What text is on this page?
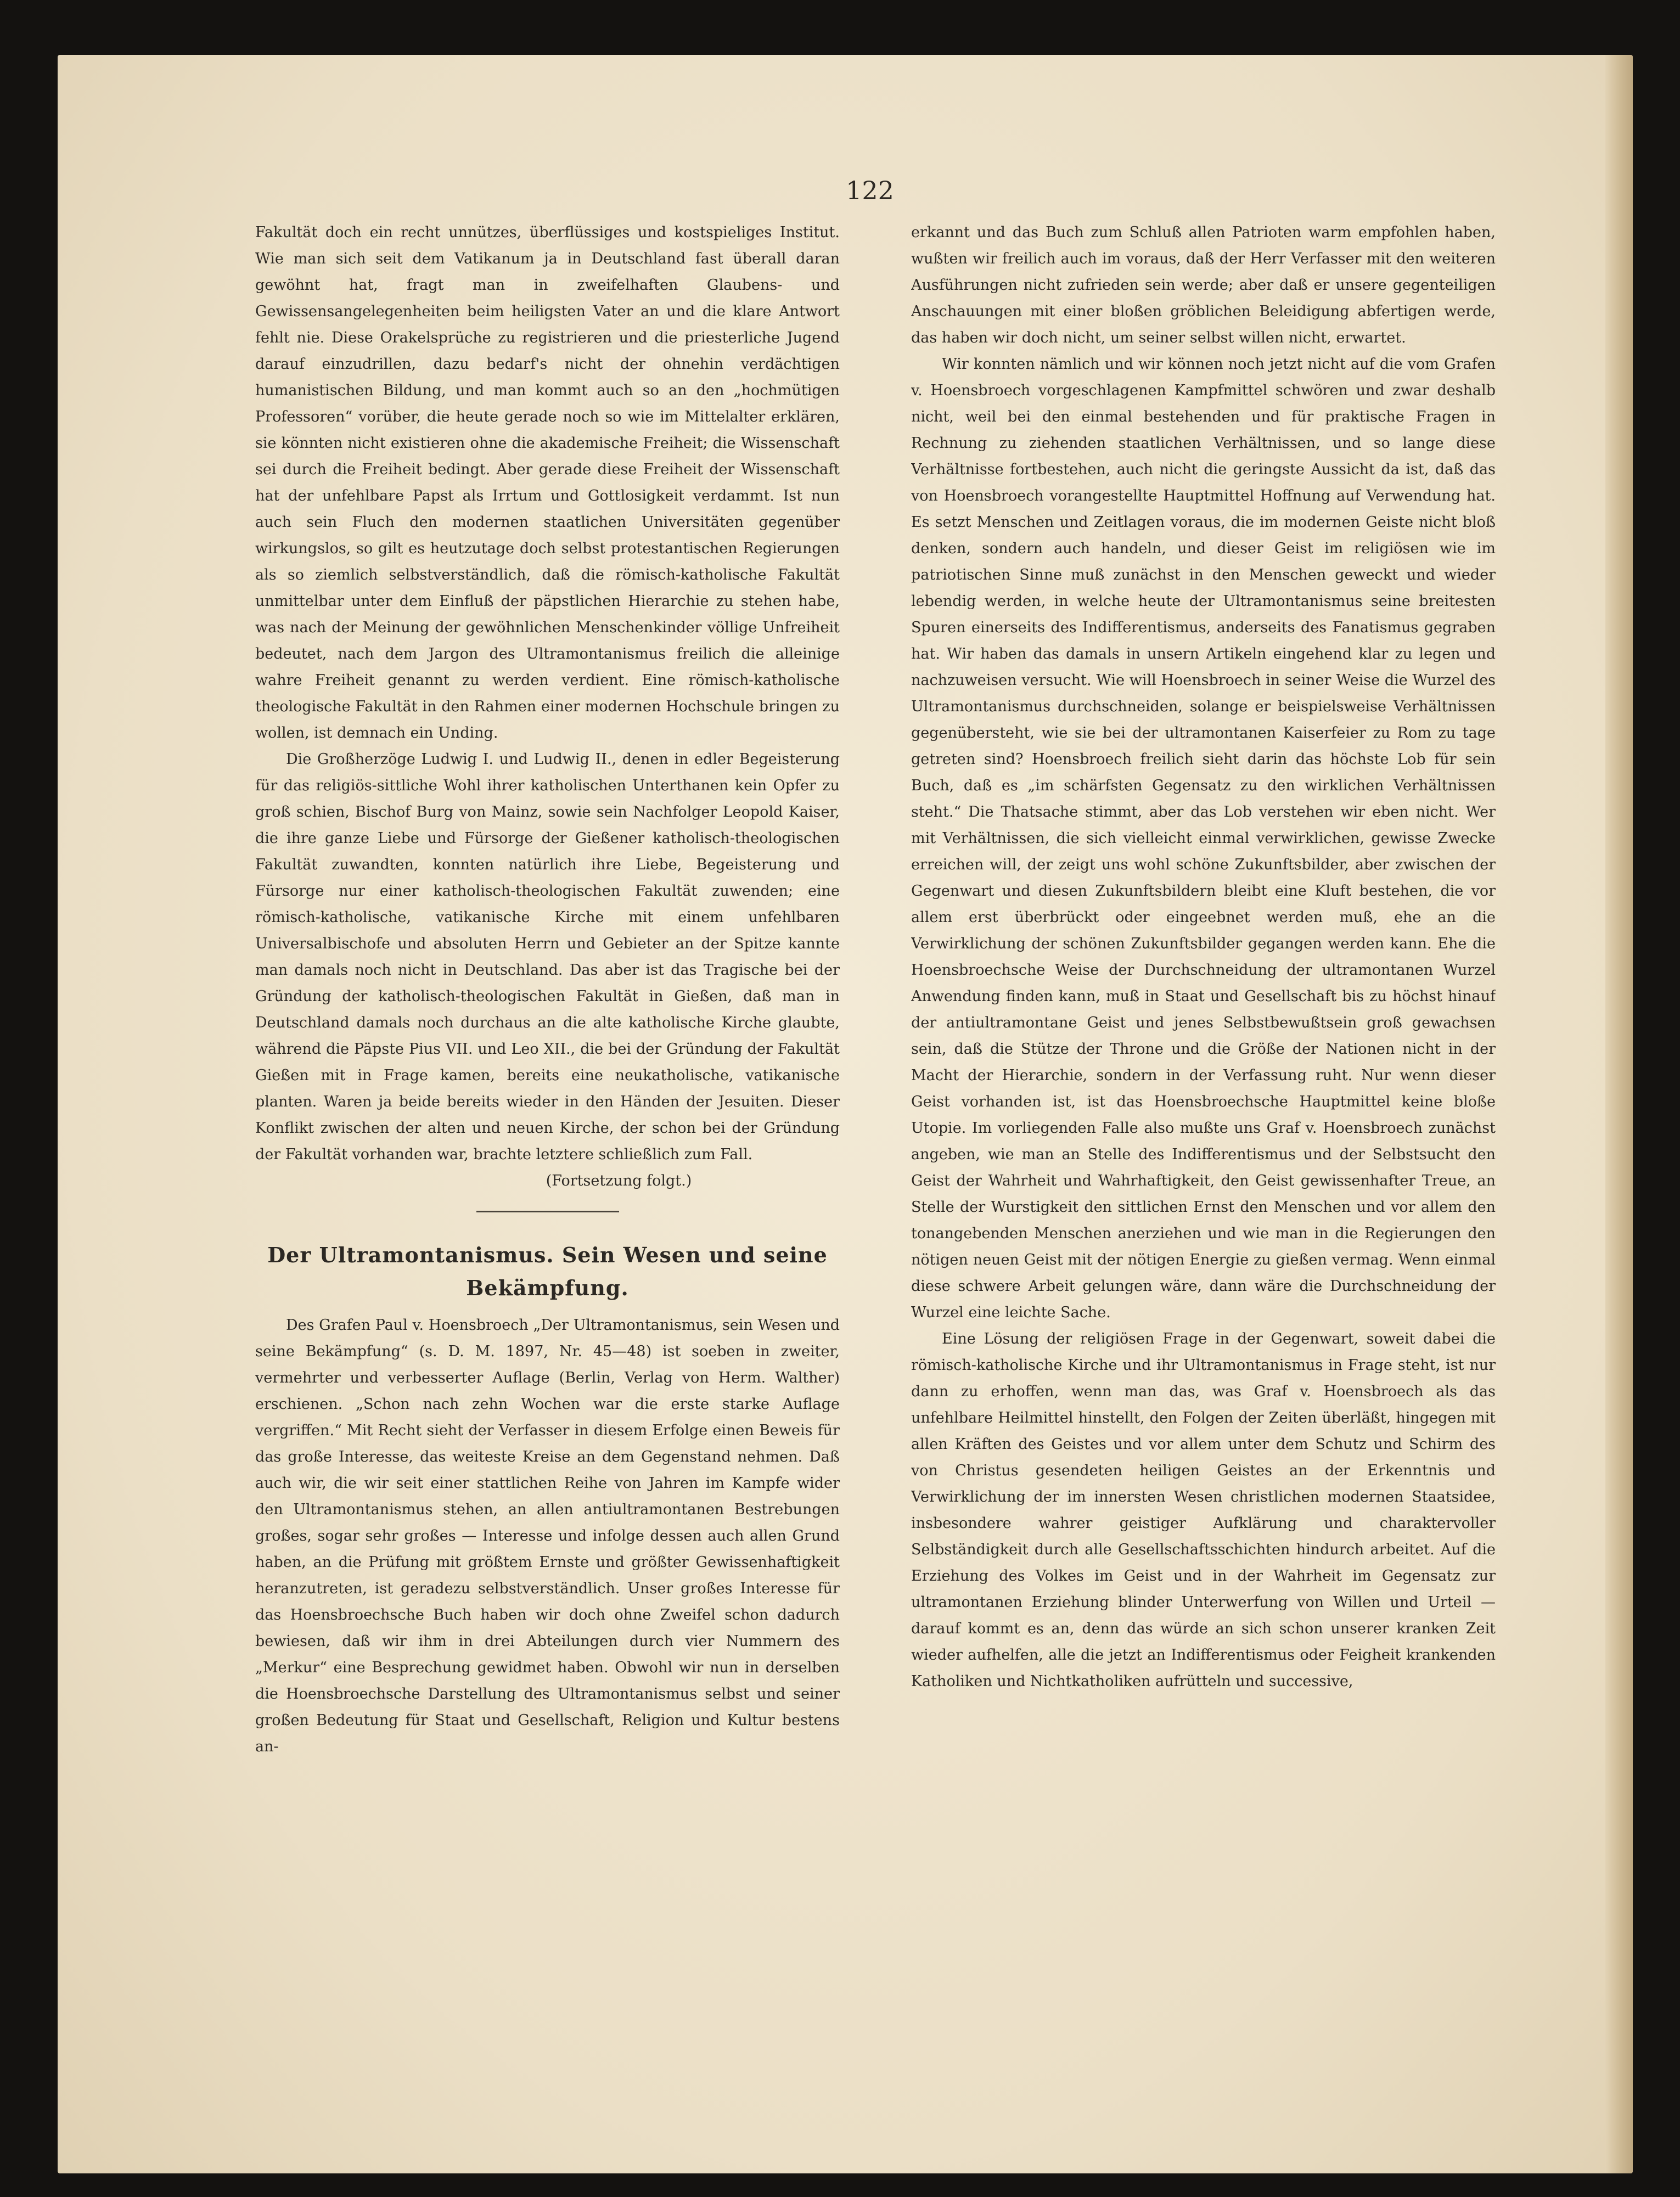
122

Fakultät doch ein recht unnützes, überflüssiges und kostspieliges Institut. Wie man sich seit dem Vatikanum ja in Deutschland fast überall daran gewöhnt hat, fragt man in zweifelhaften Glaubens- und Gewissensangelegenheiten beim heiligsten Vater an und die klare Antwort fehlt nie. Diese Orakelsprüche zu registrieren und die priesterliche Jugend darauf einzudrillen, dazu bedarf's nicht der ohnehin verdächtigen humanistischen Bildung, und man kommt auch so an den „hochmütigen Professoren“ vorüber, die heute gerade noch so wie im Mittelalter erklären, sie könnten nicht existieren ohne die akademische Freiheit; die Wissenschaft sei durch die Freiheit bedingt. Aber gerade diese Freiheit der Wissenschaft hat der unfehlbare Papst als Irrtum und Gottlosigkeit verdammt. Ist nun auch sein Fluch den modernen staatlichen Universitäten gegenüber wirkungslos, so gilt es heutzutage doch selbst protestantischen Regierungen als so ziemlich selbstverständlich, daß die römisch-katholische Fakultät unmittelbar unter dem Einfluß der päpstlichen Hierarchie zu stehen habe, was nach der Meinung der gewöhnlichen Menschenkinder völlige Unfreiheit bedeutet, nach dem Jargon des Ultramontanismus freilich die alleinige wahre Freiheit genannt zu werden verdient. Eine römisch-katholische theologische Fakultät in den Rahmen einer modernen Hochschule bringen zu wollen, ist demnach ein Unding.

Die Großherzöge Ludwig I. und Ludwig II., denen in edler Begeisterung für das religiös-sittliche Wohl ihrer katholischen Unterthanen kein Opfer zu groß schien, Bischof Burg von Mainz, sowie sein Nachfolger Leopold Kaiser, die ihre ganze Liebe und Fürsorge der Gießener katholisch-theologischen Fakultät zuwandten, konnten natürlich ihre Liebe, Begeisterung und Fürsorge nur einer katholisch-theologischen Fakultät zuwenden; eine römisch-katholische, vatikanische Kirche mit einem unfehlbaren Universalbischofe und absoluten Herrn und Gebieter an der Spitze kannte man damals noch nicht in Deutschland. Das aber ist das Tragische bei der Gründung der katholisch-theologischen Fakultät in Gießen, daß man in Deutschland damals noch durchaus an die alte katholische Kirche glaubte, während die Päpste Pius VII. und Leo XII., die bei der Gründung der Fakultät Gießen mit in Frage kamen, bereits eine neukatholische, vatikanische planten. Waren ja beide bereits wieder in den Händen der Jesuiten. Dieser Konflikt zwischen der alten und neuen Kirche, der schon bei der Gründung der Fakultät vorhanden war, brachte letztere schließlich zum Fall.

(Fortsetzung folgt.)

Der Ultramontanismus. Sein Wesen und seine Bekämpfung.

Des Grafen Paul v. Hoensbroech „Der Ultramontanismus, sein Wesen und seine Bekämpfung“ (s. D. M. 1897, Nr. 45—48) ist soeben in zweiter, vermehrter und verbesserter Auflage (Berlin, Verlag von Herm. Walther) erschienen. „Schon nach zehn Wochen war die erste starke Auflage vergriffen.“ Mit Recht sieht der Verfasser in diesem Erfolge einen Beweis für das große Interesse, das weiteste Kreise an dem Gegenstand nehmen. Daß auch wir, die wir seit einer stattlichen Reihe von Jahren im Kampfe wider den Ultramontanismus stehen, an allen antiultramontanen Bestrebungen großes, sogar sehr großes — Interesse und infolge dessen auch allen Grund haben, an die Prüfung mit größtem Ernste und größter Gewissenhaftigkeit heranzutreten, ist geradezu selbstverständlich. Unser großes Interesse für das Hoensbroechsche Buch haben wir doch ohne Zweifel schon dadurch bewiesen, daß wir ihm in drei Abteilungen durch vier Nummern des „Merkur“ eine Besprechung gewidmet haben. Obwohl wir nun in derselben die Hoensbroechsche Darstellung des Ultramontanismus selbst und seiner großen Bedeutung für Staat und Gesellschaft, Religion und Kultur bestens an-

erkannt und das Buch zum Schluß allen Patrioten warm empfohlen haben, wußten wir freilich auch im voraus, daß der Herr Verfasser mit den weiteren Ausführungen nicht zufrieden sein werde; aber daß er unsere gegenteiligen Anschauungen mit einer bloßen gröblichen Beleidigung abfertigen werde, das haben wir doch nicht, um seiner selbst willen nicht, erwartet.

Wir konnten nämlich und wir können noch jetzt nicht auf die vom Grafen v. Hoensbroech vorgeschlagenen Kampfmittel schwören und zwar deshalb nicht, weil bei den einmal bestehenden und für praktische Fragen in Rechnung zu ziehenden staatlichen Verhältnissen, und so lange diese Verhältnisse fortbestehen, auch nicht die geringste Aussicht da ist, daß das von Hoensbroech vorangestellte Hauptmittel Hoffnung auf Verwendung hat. Es setzt Menschen und Zeitlagen voraus, die im modernen Geiste nicht bloß denken, sondern auch handeln, und dieser Geist im religiösen wie im patriotischen Sinne muß zunächst in den Menschen geweckt und wieder lebendig werden, in welche heute der Ultramontanismus seine breitesten Spuren einerseits des Indifferentismus, anderseits des Fanatismus gegraben hat. Wir haben das damals in unsern Artikeln eingehend klar zu legen und nachzuweisen versucht. Wie will Hoensbroech in seiner Weise die Wurzel des Ultramontanismus durchschneiden, solange er beispielsweise Verhältnissen gegenübersteht, wie sie bei der ultramontanen Kaiserfeier zu Rom zu tage getreten sind? Hoensbroech freilich sieht darin das höchste Lob für sein Buch, daß es „im schärfsten Gegensatz zu den wirklichen Verhältnissen steht.“ Die Thatsache stimmt, aber das Lob verstehen wir eben nicht. Wer mit Verhältnissen, die sich vielleicht einmal verwirklichen, gewisse Zwecke erreichen will, der zeigt uns wohl schöne Zukunftsbilder, aber zwischen der Gegenwart und diesen Zukunftsbildern bleibt eine Kluft bestehen, die vor allem erst überbrückt oder eingeebnet werden muß, ehe an die Verwirklichung der schönen Zukunftsbilder gegangen werden kann. Ehe die Hoensbroechsche Weise der Durchschneidung der ultramontanen Wurzel Anwendung finden kann, muß in Staat und Gesellschaft bis zu höchst hinauf der antiultramontane Geist und jenes Selbstbewußtsein groß gewachsen sein, daß die Stütze der Throne und die Größe der Nationen nicht in der Macht der Hierarchie, sondern in der Verfassung ruht. Nur wenn dieser Geist vorhanden ist, ist das Hoensbroechsche Hauptmittel keine bloße Utopie. Im vorliegenden Falle also mußte uns Graf v. Hoensbroech zunächst angeben, wie man an Stelle des Indifferentismus und der Selbstsucht den Geist der Wahrheit und Wahrhaftigkeit, den Geist gewissenhafter Treue, an Stelle der Wurstigkeit den sittlichen Ernst den Menschen und vor allem den tonangebenden Menschen anerziehen und wie man in die Regierungen den nötigen neuen Geist mit der nötigen Energie zu gießen vermag. Wenn einmal diese schwere Arbeit gelungen wäre, dann wäre die Durchschneidung der Wurzel eine leichte Sache.

Eine Lösung der religiösen Frage in der Gegenwart, soweit dabei die römisch-katholische Kirche und ihr Ultramontanismus in Frage steht, ist nur dann zu erhoffen, wenn man das, was Graf v. Hoensbroech als das unfehlbare Heilmittel hinstellt, den Folgen der Zeiten überläßt, hingegen mit allen Kräften des Geistes und vor allem unter dem Schutz und Schirm des von Christus gesendeten heiligen Geistes an der Erkenntnis und Verwirklichung der im innersten Wesen christlichen modernen Staatsidee, insbesondere wahrer geistiger Aufklärung und charaktervoller Selbständigkeit durch alle Gesellschaftsschichten hindurch arbeitet. Auf die Erziehung des Volkes im Geist und in der Wahrheit im Gegensatz zur ultramontanen Erziehung blinder Unterwerfung von Willen und Urteil — darauf kommt es an, denn das würde an sich schon unserer kranken Zeit wieder aufhelfen, alle die jetzt an Indifferentismus oder Feigheit krankenden Katholiken und Nichtkatholiken aufrütteln und successive,
